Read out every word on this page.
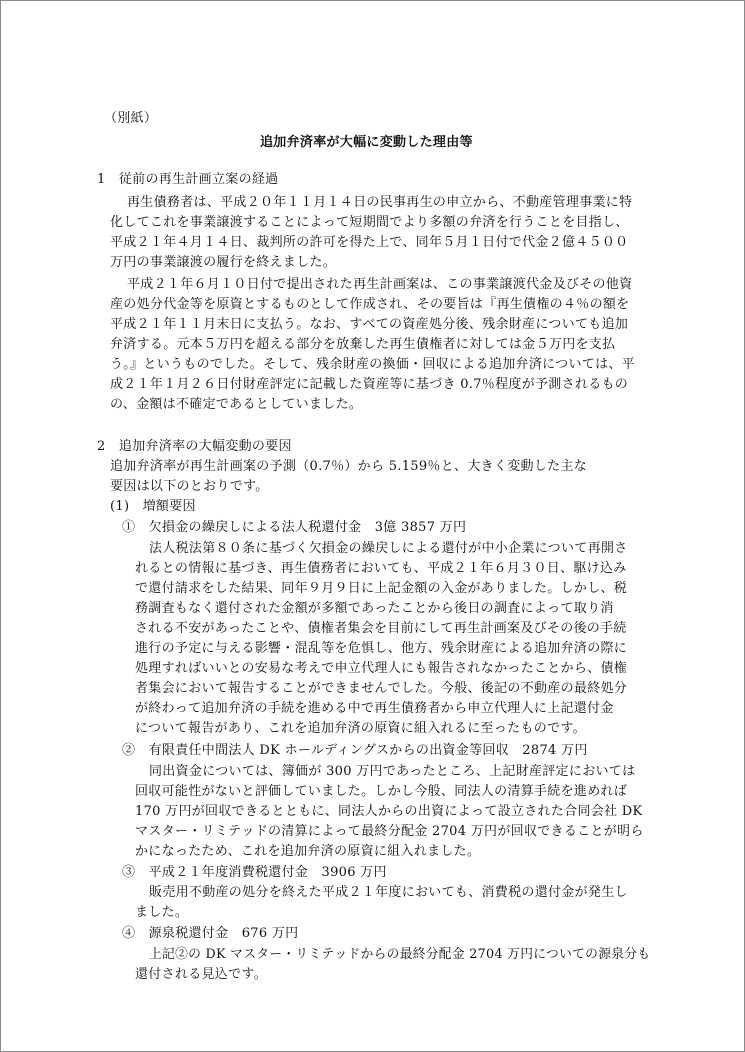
（別紙）
追加弁済率が大幅に変動した理由等
1　従前の再生計画立案の経過
再生債務者は、平成２０年１１月１４日の民事再生の申立から、不動産管理事業に特
化してこれを事業譲渡することによって短期間でより多額の弁済を行うことを目指し、
平成２１年４月１４日、裁判所の許可を得た上で、同年５月１日付で代金２億４５００
万円の事業譲渡の履行を終えました。
平成２１年６月１０日付で提出された再生計画案は、この事業譲渡代金及びその他資
産の処分代金等を原資とするものとして作成され、その要旨は『再生債権の４％の額を
平成２１年１１月末日に支払う。なお、すべての資産処分後、残余財産についても追加
弁済する。元本５万円を超える部分を放棄した再生債権者に対しては金５万円を支払
う。』というものでした。そして、残余財産の換価・回収による追加弁済については、平
成２１年１月２６日付財産評定に記載した資産等に基づき 0.7％程度が予測されるもの
の、金額は不確定であるとしていました。
2　追加弁済率の大幅変動の要因
追加弁済率が再生計画案の予測（0.7％）から 5.159％と、大きく変動した主な
要因は以下のとおりです。
(1)　増額要因
①　欠損金の繰戻しによる法人税還付金　3億 3857 万円
法人税法第８０条に基づく欠損金の繰戻しによる還付が中小企業について再開さ
れるとの情報に基づき、再生債務者においても、平成２１年６月３０日、駆け込み
で還付請求をした結果、同年９月９日に上記金額の入金がありました。しかし、税
務調査もなく還付された金額が多額であったことから後日の調査によって取り消
される不安があったことや、債権者集会を目前にして再生計画案及びその後の手続
進行の予定に与える影響・混乱等を危惧し、他方、残余財産による追加弁済の際に
処理すればいいとの安易な考えで申立代理人にも報告されなかったことから、債権
者集会において報告することができませんでした。今般、後記の不動産の最終処分
が終わって追加弁済の手続を進める中で再生債務者から申立代理人に上記還付金
について報告があり、これを追加弁済の原資に組入れるに至ったものです。
②　有限責任中間法人 DK ホールディングスからの出資金等回収　2874 万円
同出資金については、簿価が 300 万円であったところ、上記財産評定においては
回収可能性がないと評価していました。しかし今般、同法人の清算手続を進めれば
170 万円が回収できるとともに、同法人からの出資によって設立された合同会社 DK
マスター・リミテッドの清算によって最終分配金 2704 万円が回収できることが明ら
かになったため、これを追加弁済の原資に組入れました。
③　平成２１年度消費税還付金　3906 万円
販売用不動産の処分を終えた平成２１年度においても、消費税の還付金が発生し
ました。
④　源泉税還付金　676 万円
上記②の DK マスター・リミテッドからの最終分配金 2704 万円についての源泉分も
還付される見込です。
